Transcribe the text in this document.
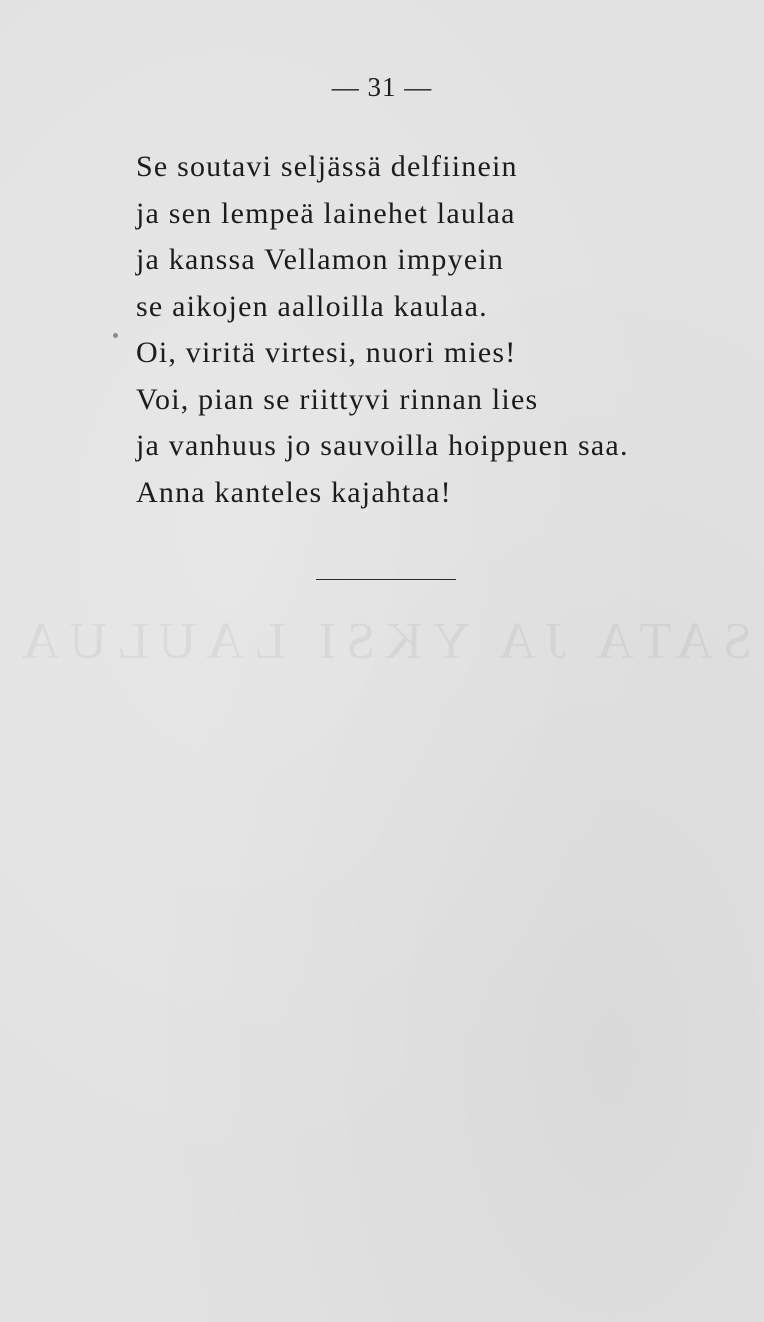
SATA JA YKSI LAULUA
— 31 —
Se soutavi seljässä delfiinein
ja sen lempeä lainehet laulaa
ja kanssa Vellamon impyein
se aikojen aalloilla kaulaa.
Oi, viritä virtesi, nuori mies!
Voi, pian se riittyvi rinnan lies
ja vanhuus jo sauvoilla hoippuen saa.
Anna kanteles kajahtaa!
